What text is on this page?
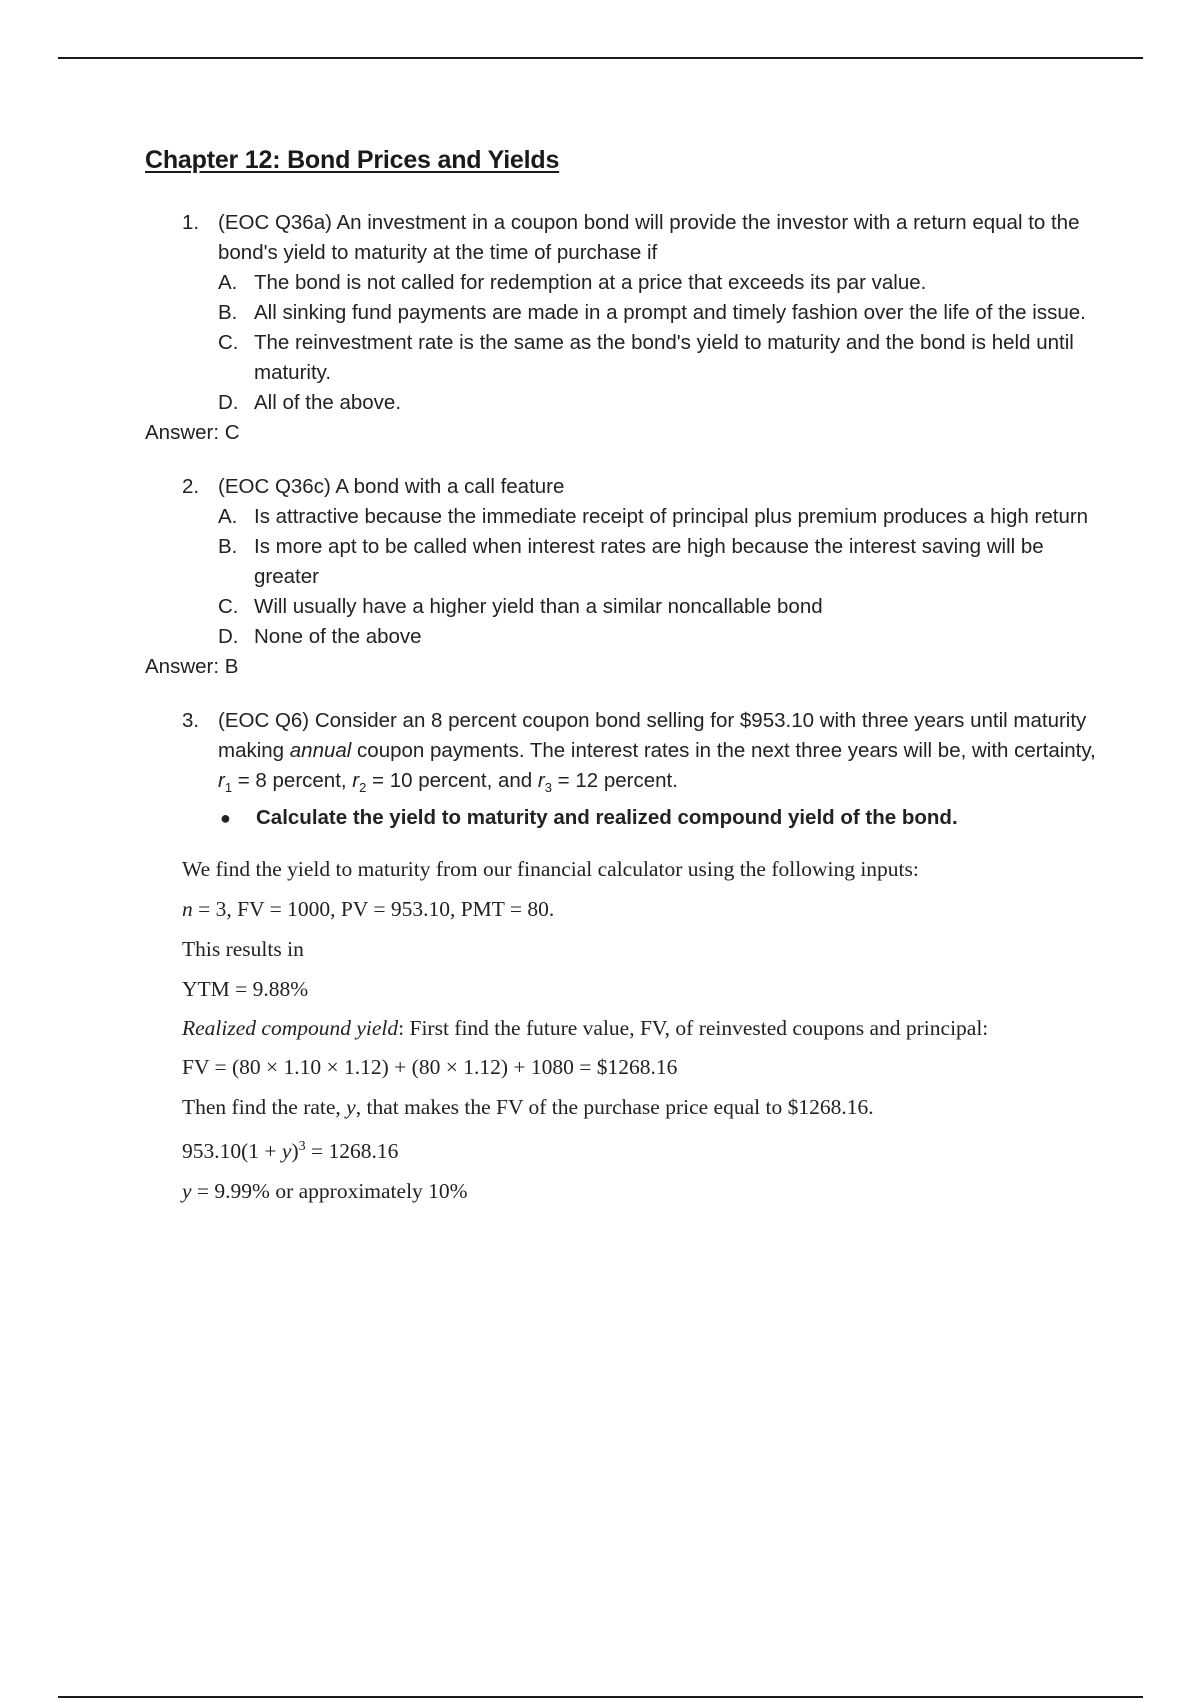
Chapter 12: Bond Prices and Yields
1. (EOC Q36a) An investment in a coupon bond will provide the investor with a return equal to the bond's yield to maturity at the time of purchase if
A. The bond is not called for redemption at a price that exceeds its par value.
B. All sinking fund payments are made in a prompt and timely fashion over the life of the issue.
C. The reinvestment rate is the same as the bond's yield to maturity and the bond is held until maturity.
D. All of the above.
Answer: C
2. (EOC Q36c) A bond with a call feature
A. Is attractive because the immediate receipt of principal plus premium produces a high return
B. Is more apt to be called when interest rates are high because the interest saving will be greater
C. Will usually have a higher yield than a similar noncallable bond
D. None of the above
Answer: B
3. (EOC Q6) Consider an 8 percent coupon bond selling for $953.10 with three years until maturity making annual coupon payments. The interest rates in the next three years will be, with certainty, $r_1 = 8$ percent, $r_2 = 10$ percent, and $r_3 = 12$ percent.
●	Calculate the yield to maturity and realized compound yield of the bond.

We find the yield to maturity from our financial calculator using the following inputs:

n = 3, FV = 1000, PV = 953.10, PMT = 80.

This results in

YTM = 9.88%

Realized compound yield: First find the future value, FV, of reinvested coupons and principal:

FV = (80 × 1.10 × 1.12) + (80 × 1.12) + 1080 = $1268.16

Then find the rate, y, that makes the FV of the purchase price equal to $1268.16.

$953.10(1 + y)^3 = 1268.16$

y = 9.99% or approximately 10%
